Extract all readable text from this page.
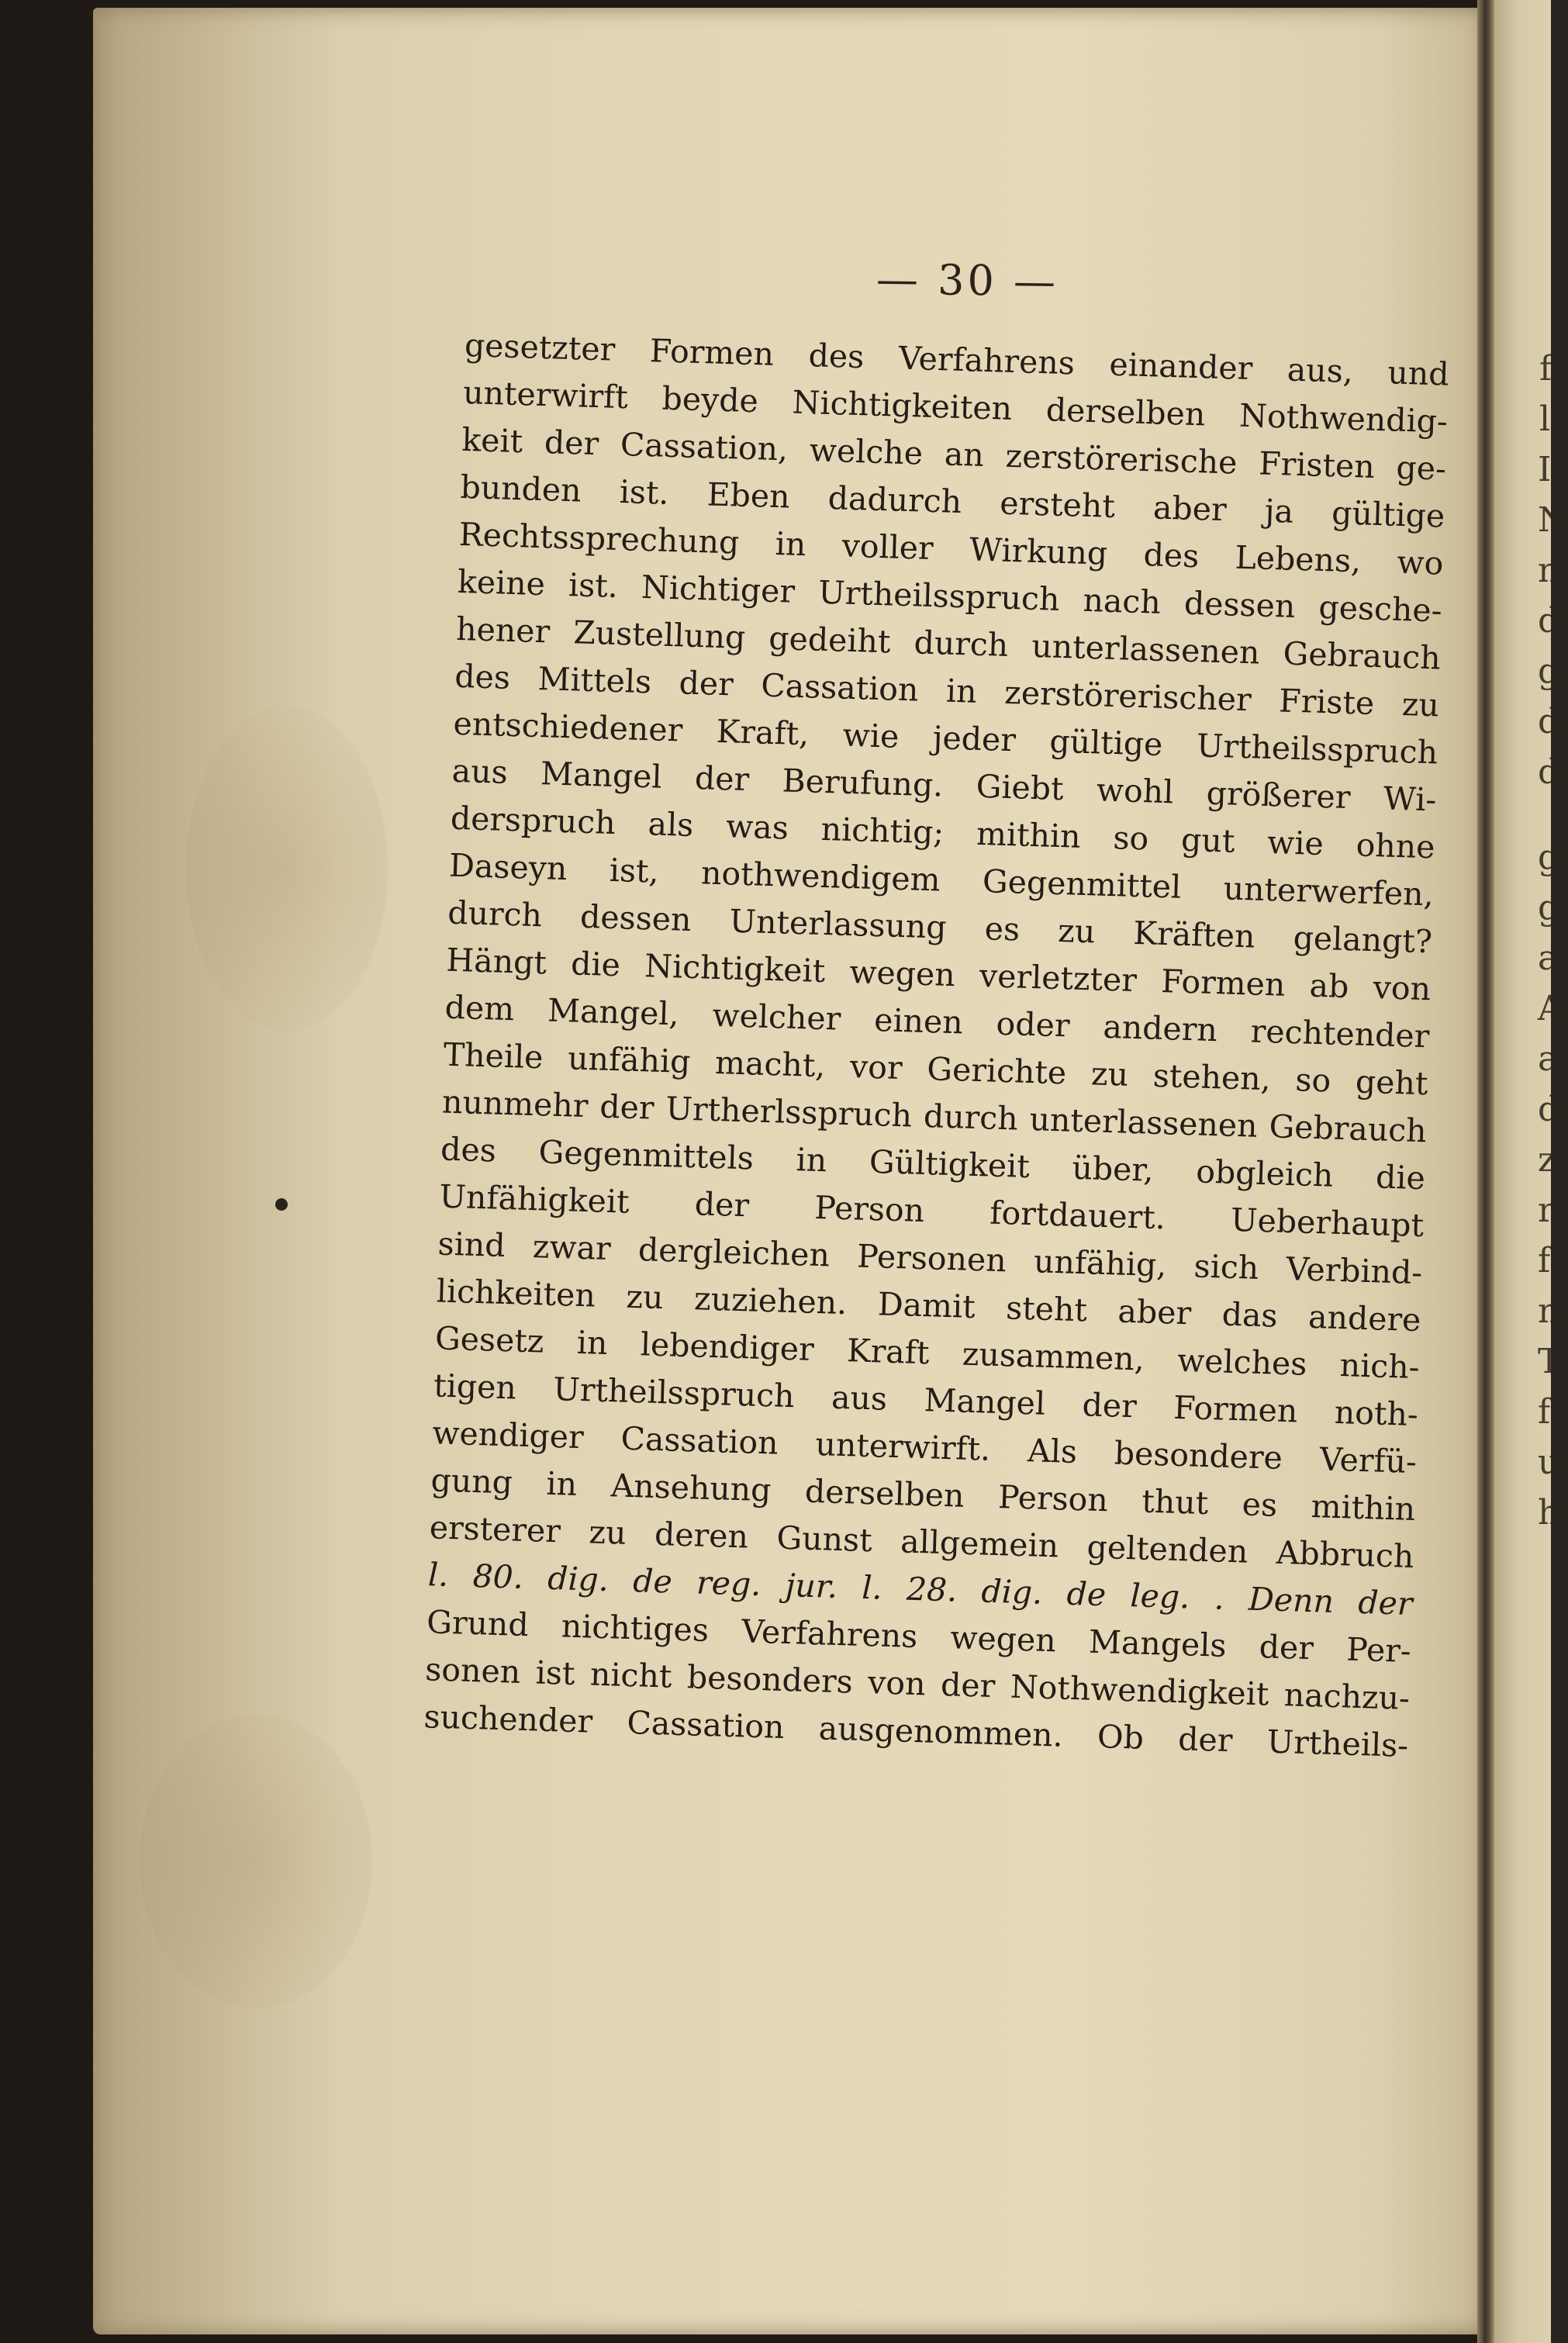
— 30 —
gesetzter Formen des Verfahrens einander aus, und
unterwirft beyde Nichtigkeiten derselben Nothwendig-
keit der Cassation, welche an zerstörerische Fristen ge-
bunden ist. Eben dadurch ersteht aber ja gültige
Rechtssprechung in voller Wirkung des Lebens, wo
keine ist. Nichtiger Urtheilsspruch nach dessen gesche-
hener Zustellung gedeiht durch unterlassenen Gebrauch
des Mittels der Cassation in zerstörerischer Friste zu
entschiedener Kraft, wie jeder gültige Urtheilsspruch
aus Mangel der Berufung. Giebt wohl größerer Wi-
derspruch als was nichtig; mithin so gut wie ohne
Daseyn ist, nothwendigem Gegenmittel unterwerfen,
durch dessen Unterlassung es zu Kräften gelangt?
Hängt die Nichtigkeit wegen verletzter Formen ab von
dem Mangel, welcher einen oder andern rechtender
Theile unfähig macht, vor Gerichte zu stehen, so geht
nunmehr der Urtherlsspruch durch unterlassenen Gebrauch
des Gegenmittels in Gültigkeit über, obgleich die
Unfähigkeit der Person fortdauert. Ueberhaupt
sind zwar dergleichen Personen unfähig, sich Verbind-
lichkeiten zu zuziehen. Damit steht aber das andere
Gesetz in lebendiger Kraft zusammen, welches nich-
tigen Urtheilsspruch aus Mangel der Formen noth-
wendiger Cassation unterwirft. Als besondere Verfü-
gung in Ansehung derselben Person thut es mithin
ersterer zu deren Gunst allgemein geltenden Abbruch
l. 80. dig. de reg. jur. l. 28. dig. de leg. . Denn der
Grund nichtiges Verfahrens wegen Mangels der Per-
sonen ist nicht besonders von der Nothwendigkeit nachzu-
suchender Cassation ausgenommen. Ob der Urtheils-
f
l
I
N
n
d
g
d
d
g
g
a
A
a
d
z
r
f
n
T
f
u
h
